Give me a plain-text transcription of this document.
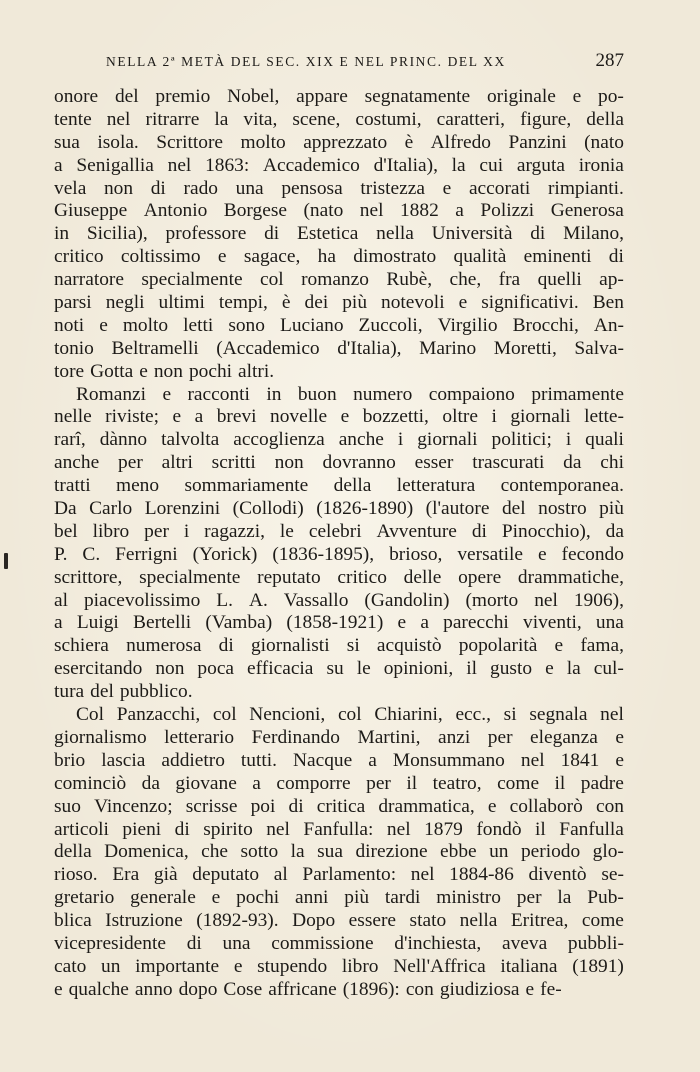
NELLA 2ª METÀ DEL SEC. XIX E NEL PRINC. DEL XX	287
onore del premio Nobel, appare segnatamente originale e po-
tente nel ritrarre la vita, scene, costumi, caratteri, figure, della
sua isola. Scrittore molto apprezzato è Alfredo Panzini (nato
a Senigallia nel 1863: Accademico d'Italia), la cui arguta ironia
vela non di rado una pensosa tristezza e accorati rimpianti.
Giuseppe Antonio Borgese (nato nel 1882 a Polizzi Generosa
in Sicilia), professore di Estetica nella Università di Milano,
critico coltissimo e sagace, ha dimostrato qualità eminenti di
narratore specialmente col romanzo Rubè, che, fra quelli ap-
parsi negli ultimi tempi, è dei più notevoli e significativi. Ben
noti e molto letti sono Luciano Zuccoli, Virgilio Brocchi, An-
tonio Beltramelli (Accademico d'Italia), Marino Moretti, Salva-
tore Gotta e non pochi altri.
Romanzi e racconti in buon numero compaiono primamente
nelle riviste; e a brevi novelle e bozzetti, oltre i giornali lette-
rarî, dànno talvolta accoglienza anche i giornali politici; i quali
anche per altri scritti non dovranno esser trascurati da chi
tratti meno sommariamente della letteratura contemporanea.
Da Carlo Lorenzini (Collodi) (1826-1890) (l'autore del nostro più
bel libro per i ragazzi, le celebri Avventure di Pinocchio), da
P. C. Ferrigni (Yorick) (1836-1895), brioso, versatile e fecondo
scrittore, specialmente reputato critico delle opere drammatiche,
al piacevolissimo L. A. Vassallo (Gandolin) (morto nel 1906),
a Luigi Bertelli (Vamba) (1858-1921) e a parecchi viventi, una
schiera numerosa di giornalisti si acquistò popolarità e fama,
esercitando non poca efficacia su le opinioni, il gusto e la cul-
tura del pubblico.
Col Panzacchi, col Nencioni, col Chiarini, ecc., si segnala nel
giornalismo letterario Ferdinando Martini, anzi per eleganza e
brio lascia addietro tutti. Nacque a Monsummano nel 1841 e
cominciò da giovane a comporre per il teatro, come il padre
suo Vincenzo; scrisse poi di critica drammatica, e collaborò con
articoli pieni di spirito nel Fanfulla: nel 1879 fondò il Fanfulla
della Domenica, che sotto la sua direzione ebbe un periodo glo-
rioso. Era già deputato al Parlamento: nel 1884-86 diventò se-
gretario generale e pochi anni più tardi ministro per la Pub-
blica Istruzione (1892-93). Dopo essere stato nella Eritrea, come
vicepresidente di una commissione d'inchiesta, aveva pubbli-
cato un importante e stupendo libro Nell'Affrica italiana (1891)
e qualche anno dopo Cose affricane (1896): con giudiziosa e fe-
